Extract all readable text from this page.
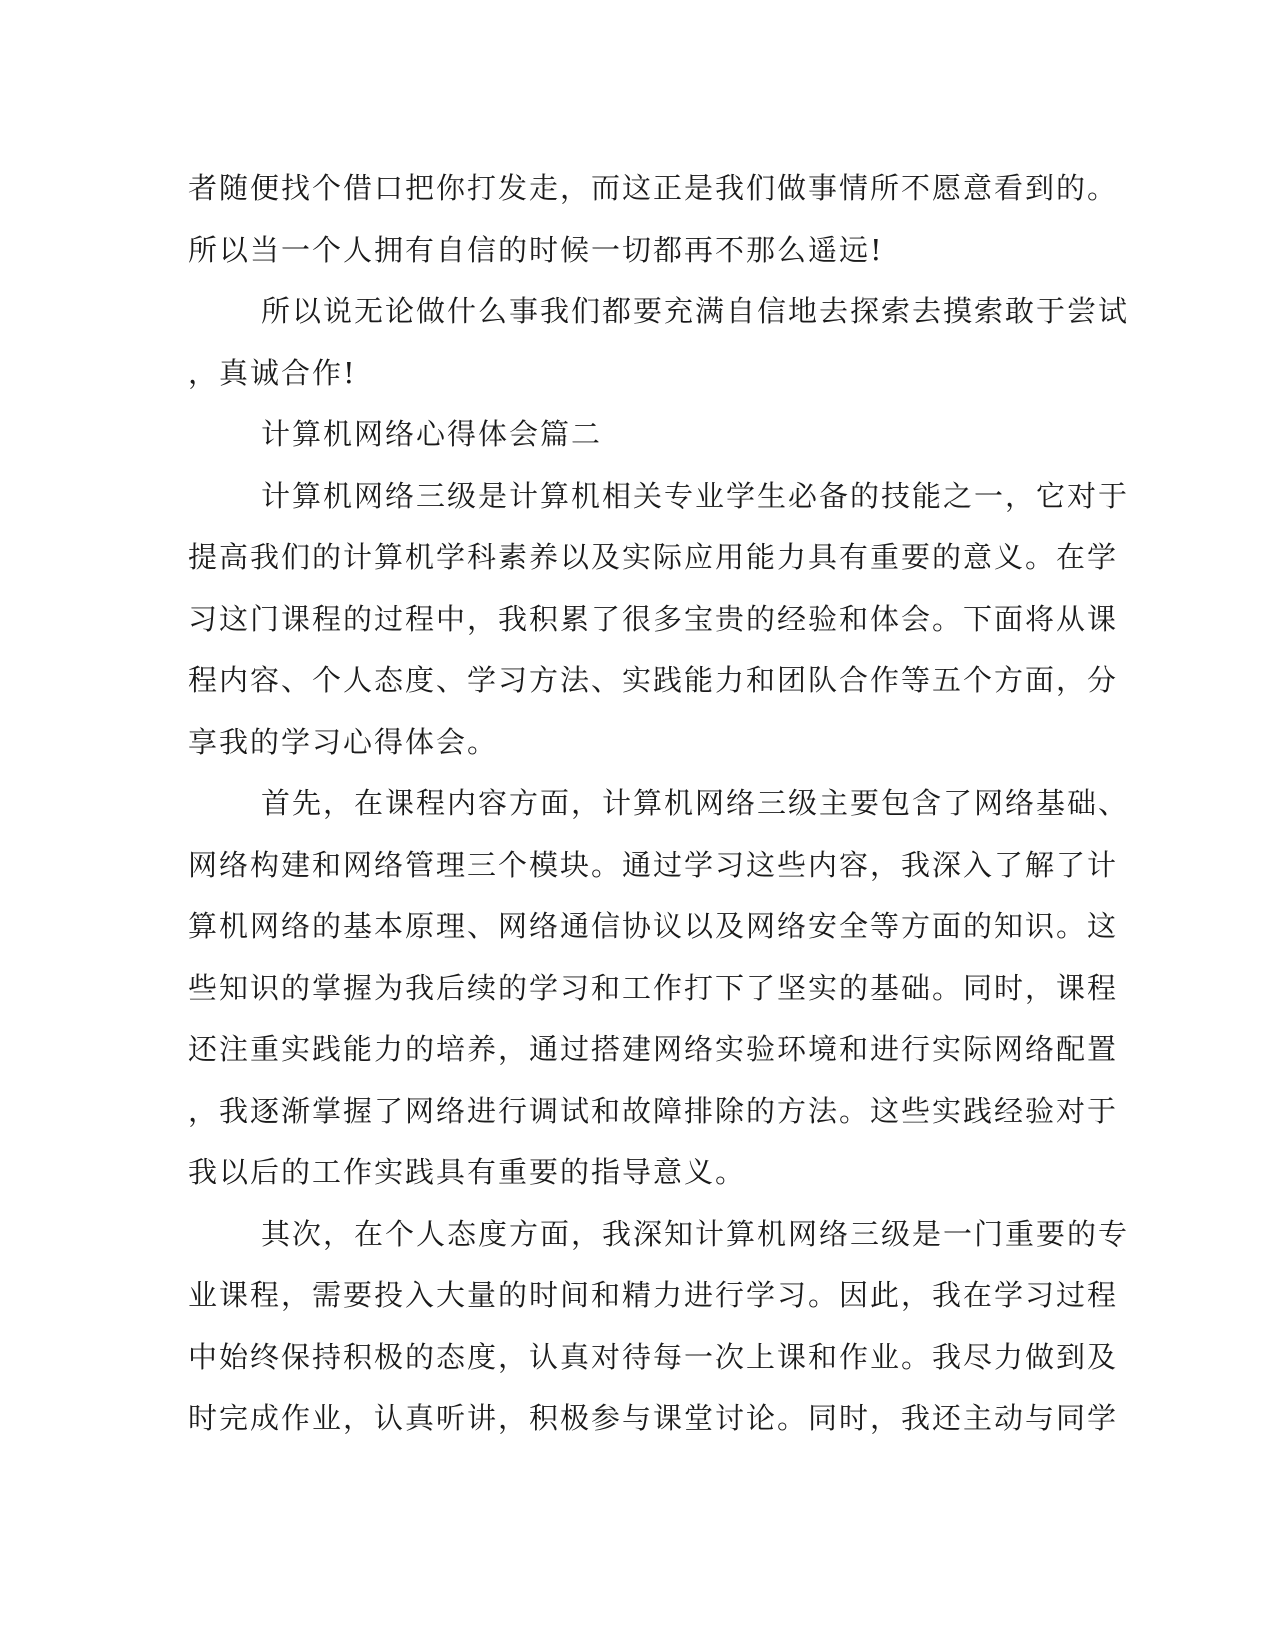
者随便找个借口把你打发走，而这正是我们做事情所不愿意看到的。
所以当一个人拥有自信的时候一切都再不那么遥远!
所以说无论做什么事我们都要充满自信地去探索去摸索敢于尝试
，真诚合作!
计算机网络心得体会篇二
计算机网络三级是计算机相关专业学生必备的技能之一，它对于
提高我们的计算机学科素养以及实际应用能力具有重要的意义。在学
习这门课程的过程中，我积累了很多宝贵的经验和体会。下面将从课
程内容、个人态度、学习方法、实践能力和团队合作等五个方面，分
享我的学习心得体会。
首先，在课程内容方面，计算机网络三级主要包含了网络基础、
网络构建和网络管理三个模块。通过学习这些内容，我深入了解了计
算机网络的基本原理、网络通信协议以及网络安全等方面的知识。这
些知识的掌握为我后续的学习和工作打下了坚实的基础。同时，课程
还注重实践能力的培养，通过搭建网络实验环境和进行实际网络配置
，我逐渐掌握了网络进行调试和故障排除的方法。这些实践经验对于
我以后的工作实践具有重要的指导意义。
其次，在个人态度方面，我深知计算机网络三级是一门重要的专
业课程，需要投入大量的时间和精力进行学习。因此，我在学习过程
中始终保持积极的态度，认真对待每一次上课和作业。我尽力做到及
时完成作业，认真听讲，积极参与课堂讨论。同时，我还主动与同学
